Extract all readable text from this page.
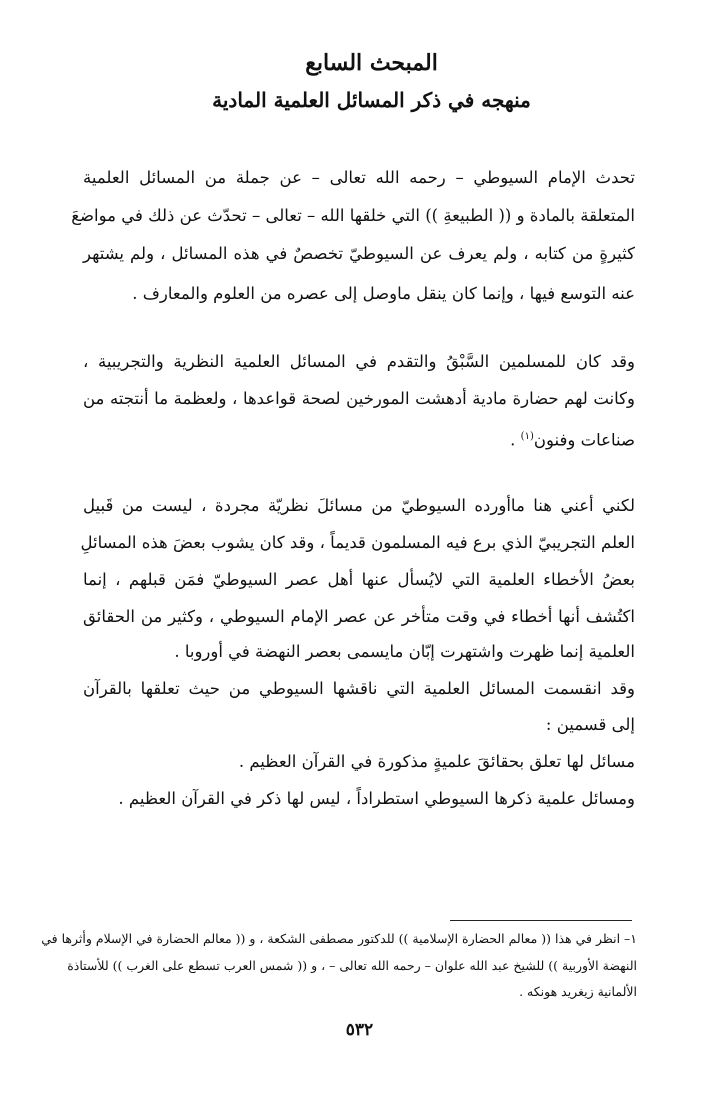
المبحث السابع
منهجه في ذكر المسائل العلمية المادية
تحدث الإمام السيوطي – رحمه الله تعالى – عن جملة من المسائل العلمية
المتعلقة بالمادة و (( الطبيعةِ )) التي خلقها الله – تعالى – تحدّث عن ذلك في مواضعَ
كثيرةٍ من كتابه ، ولم يعرف عن السيوطيّ تخصصٌ في هذه المسائل ، ولم يشتهر
عنه التوسع فيها ، وإنما كان ينقل ماوصل إلى عصره من العلوم والمعارف .
وقد كان للمسلمين السَّبْقُ والتقدم في المسائل العلمية النظرية والتجريبية ،
وكانت لهم حضارة مادية أدهشت المورخين لصحة قواعدها ، ولعظمة ما أنتجته من
صناعات وفنون$^{(١)}$ .
لكني أعني هنا ماأورده السيوطيّ من مسائلَ نظريّة مجردة ، ليست من قَبيل
العلم التجريبيّ الذي برع فيه المسلمون قديماً ، وقد كان يشوب بعضَ هذه المسائلِ
بعضُ الأخطاء العلمية التي لايُسأل عنها أهل عصر السيوطيّ فمَن قبلهم ، إنما
اكتُشف أنها أخطاء في وقت متأخر عن عصر الإمام السيوطي ، وكثير من الحقائق
العلمية إنما ظهرت واشتهرت إبّان مايسمى بعصر النهضة في أوروبا .
وقد انقسمت المسائل العلمية التي ناقشها السيوطي من حيث تعلقها بالقرآن
إلى قسمين :
مسائل لها تعلق بحقائقَ علميةٍ مذكورة في القرآن العظيم .
ومسائل علمية ذكرها السيوطي استطراداً ، ليس لها ذكر في القرآن العظيم .
١– انظر في هذا (( معالم الحضارة الإسلامية )) للدكتور مصطفى الشكعة ، و (( معالم الحضارة في الإسلام وأثرها في
النهضة الأوربية )) للشيخ عبد الله علوان – رحمه الله تعالى – ، و (( شمس العرب تسطع على الغرب )) للأستاذة
الألمانية زيغريد هونكه .
٥٣٢
